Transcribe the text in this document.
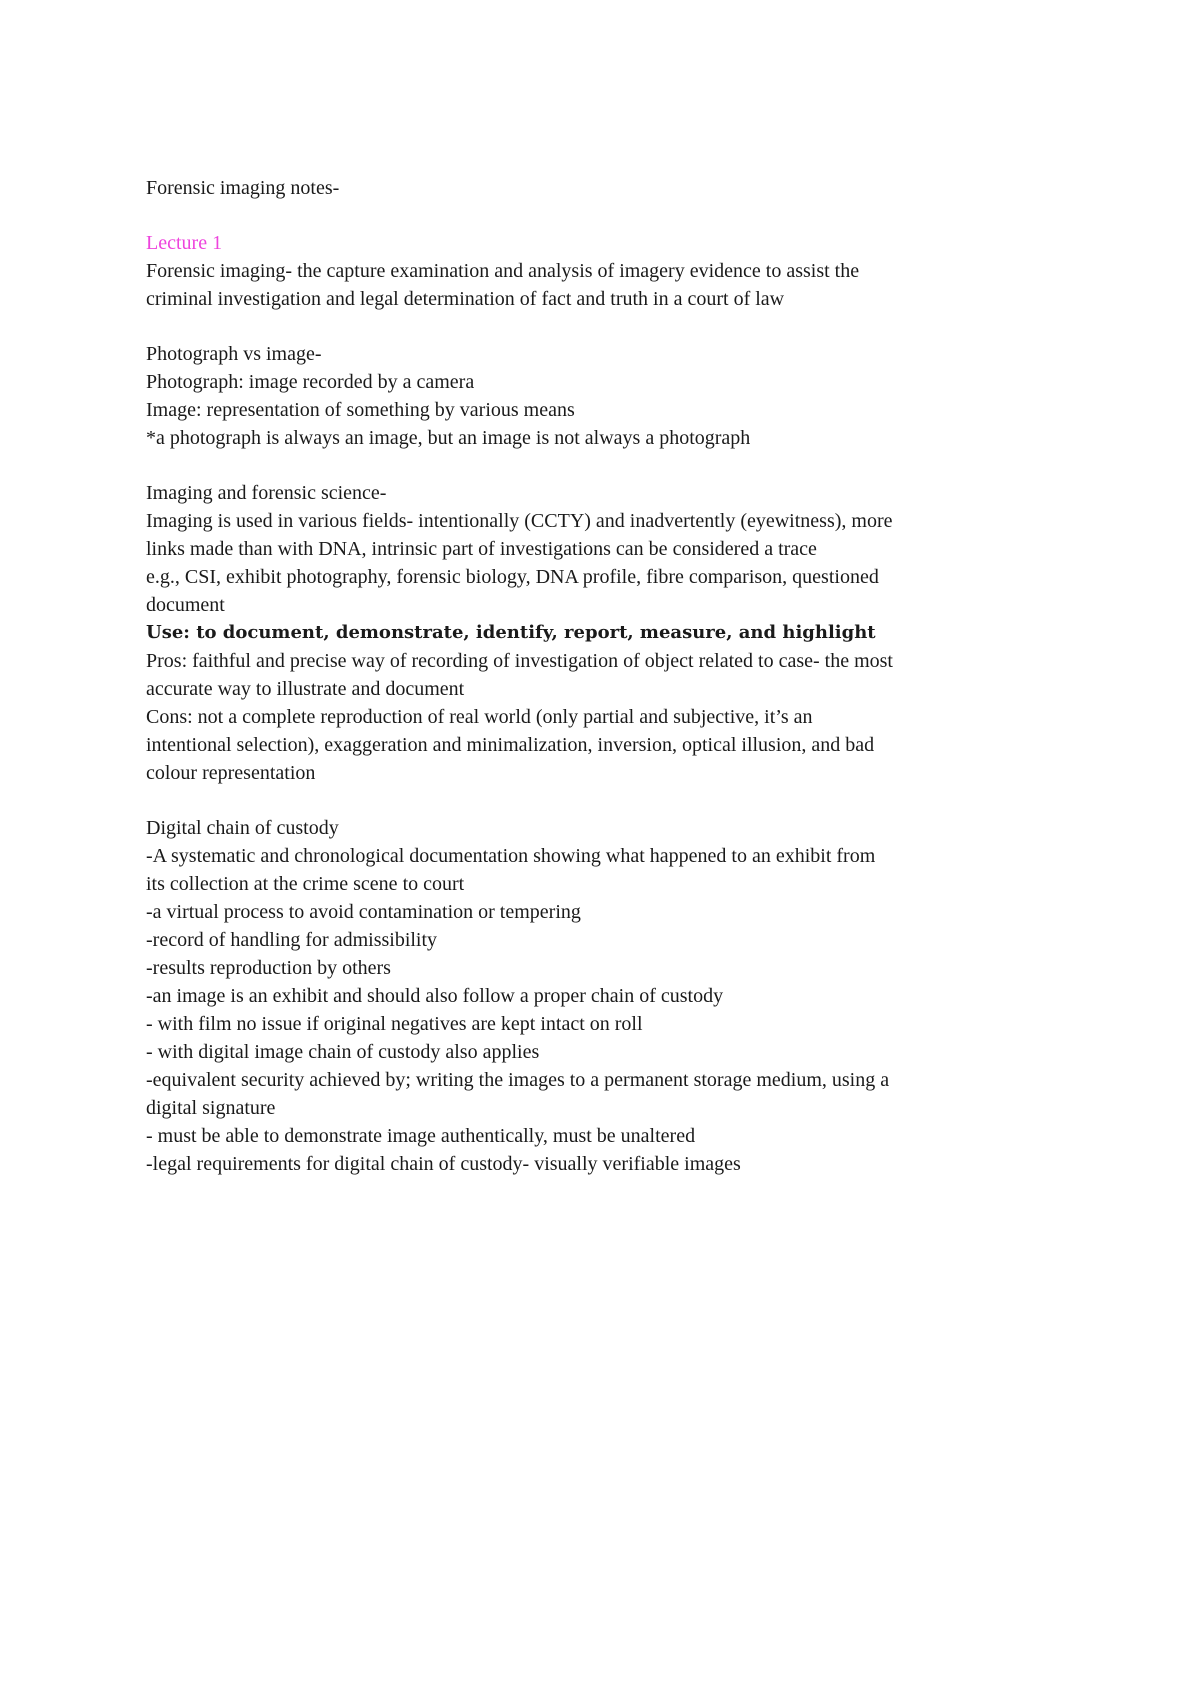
Forensic imaging notes-

Lecture 1

Forensic imaging- the capture examination and analysis of imagery evidence to assist the

criminal investigation and legal determination of fact and truth in a court of law

Photograph vs image-

Photograph: image recorded by a camera

Image: representation of something by various means

*a photograph is always an image, but an image is not always a photograph

Imaging and forensic science-

Imaging is used in various fields- intentionally (CCTY) and inadvertently (eyewitness), more

links made than with DNA, intrinsic part of investigations can be considered a trace

e.g., CSI, exhibit photography, forensic biology, DNA profile, fibre comparison, questioned

document

Use: to document, demonstrate, identify, report, measure, and highlight

Pros: faithful and precise way of recording of investigation of object related to case- the most

accurate way to illustrate and document

Cons: not a complete reproduction of real world (only partial and subjective, it’s an

intentional selection), exaggeration and minimalization, inversion, optical illusion, and bad

colour representation

Digital chain of custody

-A systematic and chronological documentation showing what happened to an exhibit from

its collection at the crime scene to court

-a virtual process to avoid contamination or tempering

-record of handling for admissibility

-results reproduction by others

-an image is an exhibit and should also follow a proper chain of custody

- with film no issue if original negatives are kept intact on roll

- with digital image chain of custody also applies

-equivalent security achieved by; writing the images to a permanent storage medium, using a

digital signature

- must be able to demonstrate image authentically, must be unaltered

-legal requirements for digital chain of custody- visually verifiable images
